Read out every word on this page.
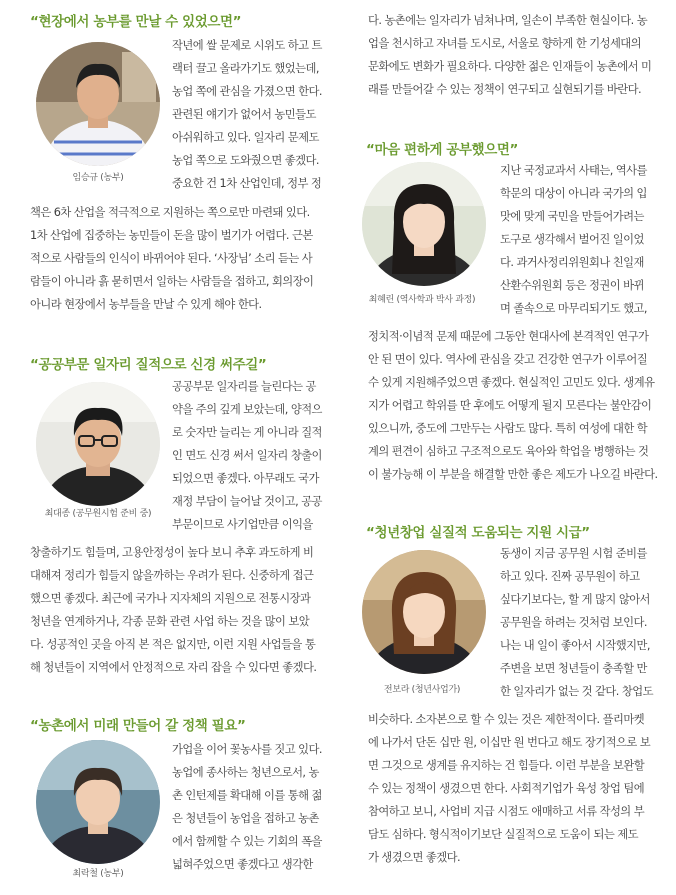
“현장에서 농부를 만날 수 있었으면”
임승규 (농부)
작년에 쌀 문제로 시위도 하고 트
랙터 끌고 올라가기도 했었는데,
농업 쪽에 관심을 가졌으면 한다.
관련된 얘기가 없어서 농민들도
아쉬워하고 있다. 일자리 문제도
농업 쪽으로 도와줬으면 좋겠다.
중요한 건 1차 산업인데, 정부 정
책은 6차 산업을 적극적으로 지원하는 쪽으로만 마련돼 있다.
1차 산업에 집중하는 농민들이 돈을 많이 벌기가 어렵다. 근본
적으로 사람들의 인식이 바뀌어야 된다. ‘사장님’ 소리 듣는 사
람들이 아니라 흙 묻히면서 일하는 사람들을 접하고, 회의장이
아니라 현장에서 농부들을 만날 수 있게 해야 한다.
“공공부문 일자리 질적으로 신경 써주길”
최대종 (공무원시험 준비 중)
공공부문 일자리를 늘린다는 공
약을 주의 깊게 보았는데, 양적으
로 숫자만 늘리는 게 아니라 질적
인 면도 신경 써서 일자리 창출이
되었으면 좋겠다. 아무래도 국가
재정 부담이 늘어날 것이고, 공공
부문이므로 사기업만큼 이익을
창출하기도 힘들며, 고용안정성이 높다 보니 추후 과도하게 비
대해져 정리가 힘들지 않을까하는 우려가 된다. 신중하게 접근
했으면 좋겠다. 최근에 국가나 지자체의 지원으로 전통시장과
청년을 연계하거나, 각종 문화 관련 사업 하는 것을 많이 보았
다. 성공적인 곳을 아직 본 적은 없지만, 이런 지원 사업들을 통
해 청년들이 지역에서 안정적으로 자리 잡을 수 있다면 좋겠다.
“농촌에서 미래 만들어 갈 정책 필요”
최락철 (농부)
가업을 이어 꽃농사를 짓고 있다.
농업에 종사하는 청년으로서, 농
촌 인턴제를 확대해 이를 통해 젊
은 청년들이 농업을 접하고 농촌
에서 함께할 수 있는 기회의 폭을
넓혀주었으면 좋겠다고 생각한
다. 농촌에는 일자리가 넘쳐나며, 일손이 부족한 현실이다. 농
업을 천시하고 자녀를 도시로, 서울로 향하게 한 기성세대의
문화에도 변화가 필요하다. 다양한 젊은 인재들이 농촌에서 미
래를 만들어갈 수 있는 정책이 연구되고 실현되기를 바란다.
“마음 편하게 공부했으면”
최혜린 (역사학과 박사 과정)
지난 국정교과서 사태는, 역사를
학문의 대상이 아니라 국가의 입
맛에 맞게 국민을 만들어가려는
도구로 생각해서 벌어진 일이었
다. 과거사정리위원회나 친일재
산환수위원회 등은 정권이 바뀌
며 졸속으로 마무리되기도 했고,
정치적·이념적 문제 때문에 그동안 현대사에 본격적인 연구가
안 된 면이 있다. 역사에 관심을 갖고 건강한 연구가 이루어질
수 있게 지원해주었으면 좋겠다. 현실적인 고민도 있다. 생계유
지가 어렵고 학위를 딴 후에도 어떻게 될지 모른다는 불안감이
있으니까, 중도에 그만두는 사람도 많다. 특히 여성에 대한 학
계의 편견이 심하고 구조적으로도 육아와 학업을 병행하는 것
이 불가능해 이 부분을 해결할 만한 좋은 제도가 나오길 바란다.
“청년창업 실질적 도움되는 지원 시급”
전보라 (청년사업가)
동생이 지금 공무원 시험 준비를
하고 있다. 진짜 공무원이 하고
싶다기보다는, 할 게 많지 않아서
공무원을 하려는 것처럼 보인다.
나는 내 일이 좋아서 시작했지만,
주변을 보면 청년들이 충족할 만
한 일자리가 없는 것 같다. 창업도
비슷하다. 소자본으로 할 수 있는 것은 제한적이다. 플리마켓
에 나가서 단돈 십만 원, 이십만 원 번다고 해도 장기적으로 보
면 그것으로 생계를 유지하는 건 힘들다. 이런 부분을 보완할
수 있는 정책이 생겼으면 한다. 사회적기업가 육성 창업 팀에
참여하고 보니, 사업비 지급 시점도 애매하고 서류 작성의 부
담도 심하다. 형식적이기보단 실질적으로 도움이 되는 제도
가 생겼으면 좋겠다.
